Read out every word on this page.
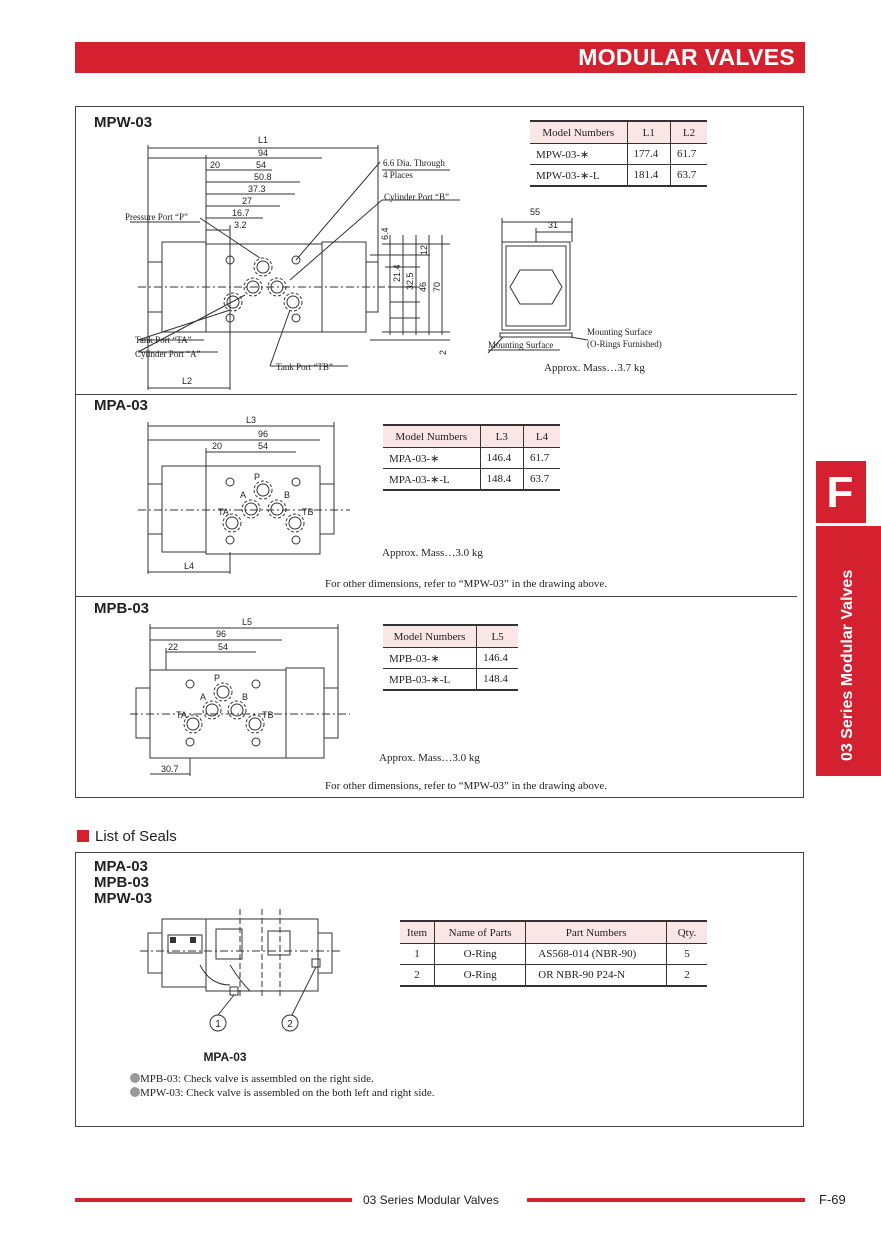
MODULAR VALVES
F
03 Series Modular Valves
MPW-03
L1
94
20	54
50.8
37.3
27
16.7
3.2
L2
6.4
12
21.4 32.5 46 70
2
55
31
Pressure Port “P”
6.6 Dia. Through
4 Places
Cylinder Port “B”
Tank Port “TA”
Cylinder Port “A”
Tank Port “TB”
Mounting Surface
Mounting Surface
(O-Rings Furnished)
Model Numbers	L1	L2
MPW-03-∗	177.4	61.7
MPW-03-∗-L	181.4	63.7
Approx. Mass…3.7 kg
MPA-03
L3
96
20	54
L4
P
A	B
TA	TB
Model Numbers	L3	L4
MPA-03-∗	146.4	61.7
MPA-03-∗-L	148.4	63.7
Approx. Mass…3.0 kg
For other dimensions, refer to “MPW-03” in the drawing above.
MPB-03
L5
96
22	54
30.7
P
A	B
TA	TB
Model Numbers	L5
MPB-03-∗	146.4
MPB-03-∗-L	148.4
Approx. Mass…3.0 kg
For other dimensions, refer to “MPW-03” in the drawing above.
List of Seals
MPA-03
MPB-03
MPW-03
1	2
MPA-03
Item	Name of Parts	Part Numbers	Qty.
1	O-Ring	AS568-014 (NBR-90)	5
2	O-Ring	OR NBR-90 P24-N	2
MPB-03: Check valve is assembled on the right side.
MPW-03: Check valve is assembled on the both left and right side.
03 Series Modular Valves	F-69
